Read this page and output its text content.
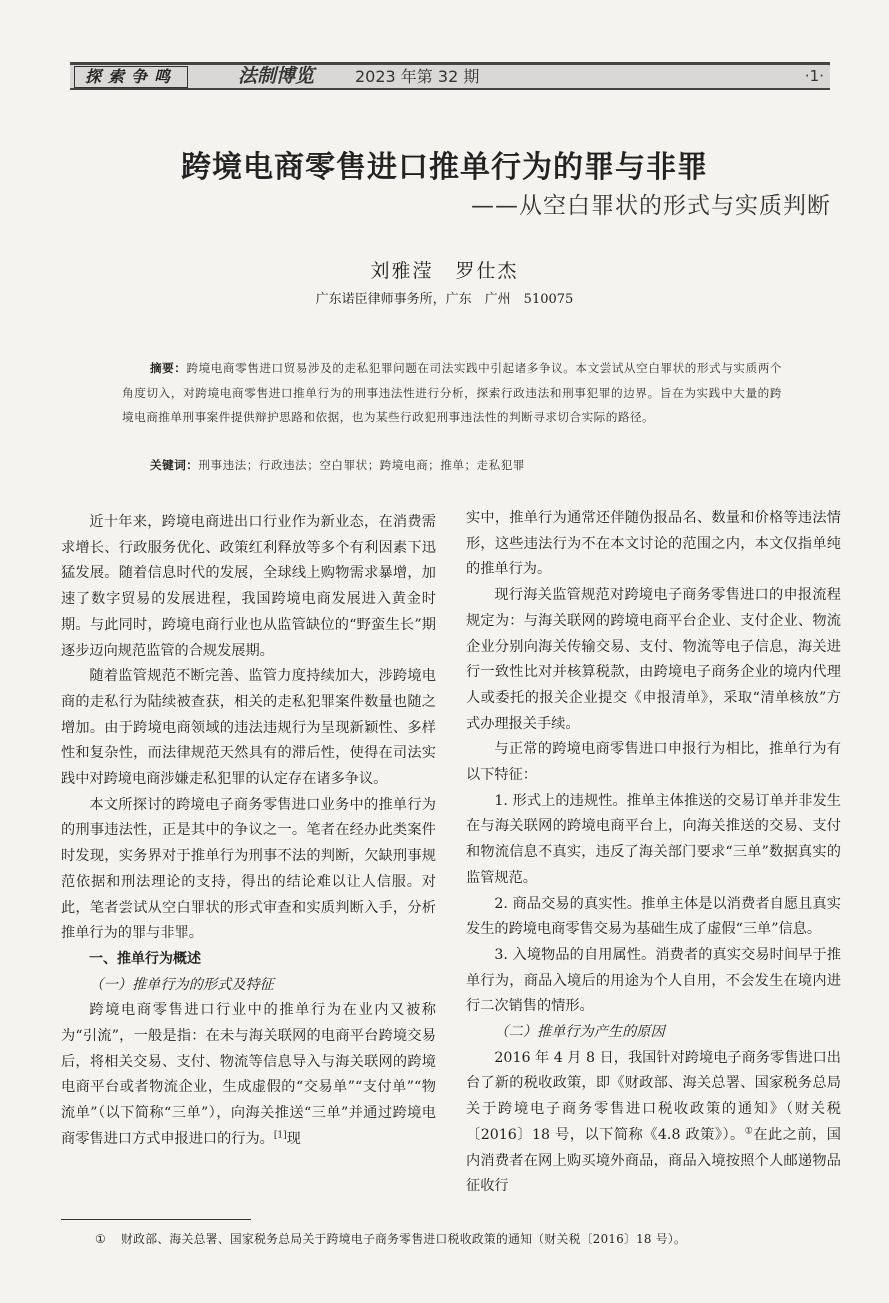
探索争鸣	法制博览	2023 年第 32 期	·1·
跨境电商零售进口推单行为的罪与非罪
——从空白罪状的形式与实质判断
刘雅滢 罗仕杰
广东诺臣律师事务所，广东　广州　510075
摘要：跨境电商零售进口贸易涉及的走私犯罪问题在司法实践中引起诸多争议。本文尝试从空白罪状的形式与实质两个角度切入，对跨境电商零售进口推单行为的刑事违法性进行分析，探索行政违法和刑事犯罪的边界。旨在为实践中大量的跨境电商推单刑事案件提供辩护思路和依据，也为某些行政犯刑事违法性的判断寻求切合实际的路径。
关键词：刑事违法；行政违法；空白罪状；跨境电商；推单；走私犯罪

近十年来，跨境电商进出口行业作为新业态，在消费需求增长、行政服务优化、政策红利释放等多个有利因素下迅猛发展。随着信息时代的发展，全球线上购物需求暴增，加速了数字贸易的发展进程，我国跨境电商发展进入黄金时期。与此同时，跨境电商行业也从监管缺位的“野蛮生长”期逐步迈向规范监管的合规发展期。

随着监管规范不断完善、监管力度持续加大，涉跨境电商的走私行为陆续被查获，相关的走私犯罪案件数量也随之增加。由于跨境电商领域的违法违规行为呈现新颖性、多样性和复杂性，而法律规范天然具有的滞后性，使得在司法实践中对跨境电商涉嫌走私犯罪的认定存在诸多争议。

本文所探讨的跨境电子商务零售进口业务中的推单行为的刑事违法性，正是其中的争议之一。笔者在经办此类案件时发现，实务界对于推单行为刑事不法的判断，欠缺刑事规范依据和刑法理论的支持，得出的结论难以让人信服。对此，笔者尝试从空白罪状的形式审查和实质判断入手，分析推单行为的罪与非罪。

一、推单行为概述
（一）推单行为的形式及特征

跨境电商零售进口行业中的推单行为在业内又被称为“引流”，一般是指：在未与海关联网的电商平台跨境交易后，将相关交易、支付、物流等信息导入与海关联网的跨境电商平台或者物流企业，生成虚假的“交易单”“支付单”“物流单”（以下简称“三单”），向海关推送“三单”并通过跨境电商零售进口方式申报进口的行为。[1]现

实中，推单行为通常还伴随伪报品名、数量和价格等违法情形，这些违法行为不在本文讨论的范围之内，本文仅指单纯的推单行为。

现行海关监管规范对跨境电子商务零售进口的申报流程规定为：与海关联网的跨境电商平台企业、支付企业、物流企业分别向海关传输交易、支付、物流等电子信息，海关进行一致性比对并核算税款，由跨境电子商务企业的境内代理人或委托的报关企业提交《申报清单》，采取“清单核放”方式办理报关手续。

与正常的跨境电商零售进口申报行为相比，推单行为有以下特征：

1. 形式上的违规性。推单主体推送的交易订单并非发生在与海关联网的跨境电商平台上，向海关推送的交易、支付和物流信息不真实，违反了海关部门要求“三单”数据真实的监管规范。

2. 商品交易的真实性。推单主体是以消费者自愿且真实发生的跨境电商零售交易为基础生成了虚假“三单”信息。

3. 入境物品的自用属性。消费者的真实交易时间早于推单行为，商品入境后的用途为个人自用，不会发生在境内进行二次销售的情形。

（二）推单行为产生的原因

2016 年 4 月 8 日，我国针对跨境电子商务零售进口出台了新的税收政策，即《财政部、海关总署、国家税务总局关于跨境电子商务零售进口税收政策的通知》（财关税〔2016〕18 号，以下简称《4.8 政策》）。①在此之前，国内消费者在网上购买境外商品，商品入境按照个人邮递物品征收行

① 财政部、海关总署、国家税务总局关于跨境电子商务零售进口税收政策的通知（财关税〔2016〕18 号）。
